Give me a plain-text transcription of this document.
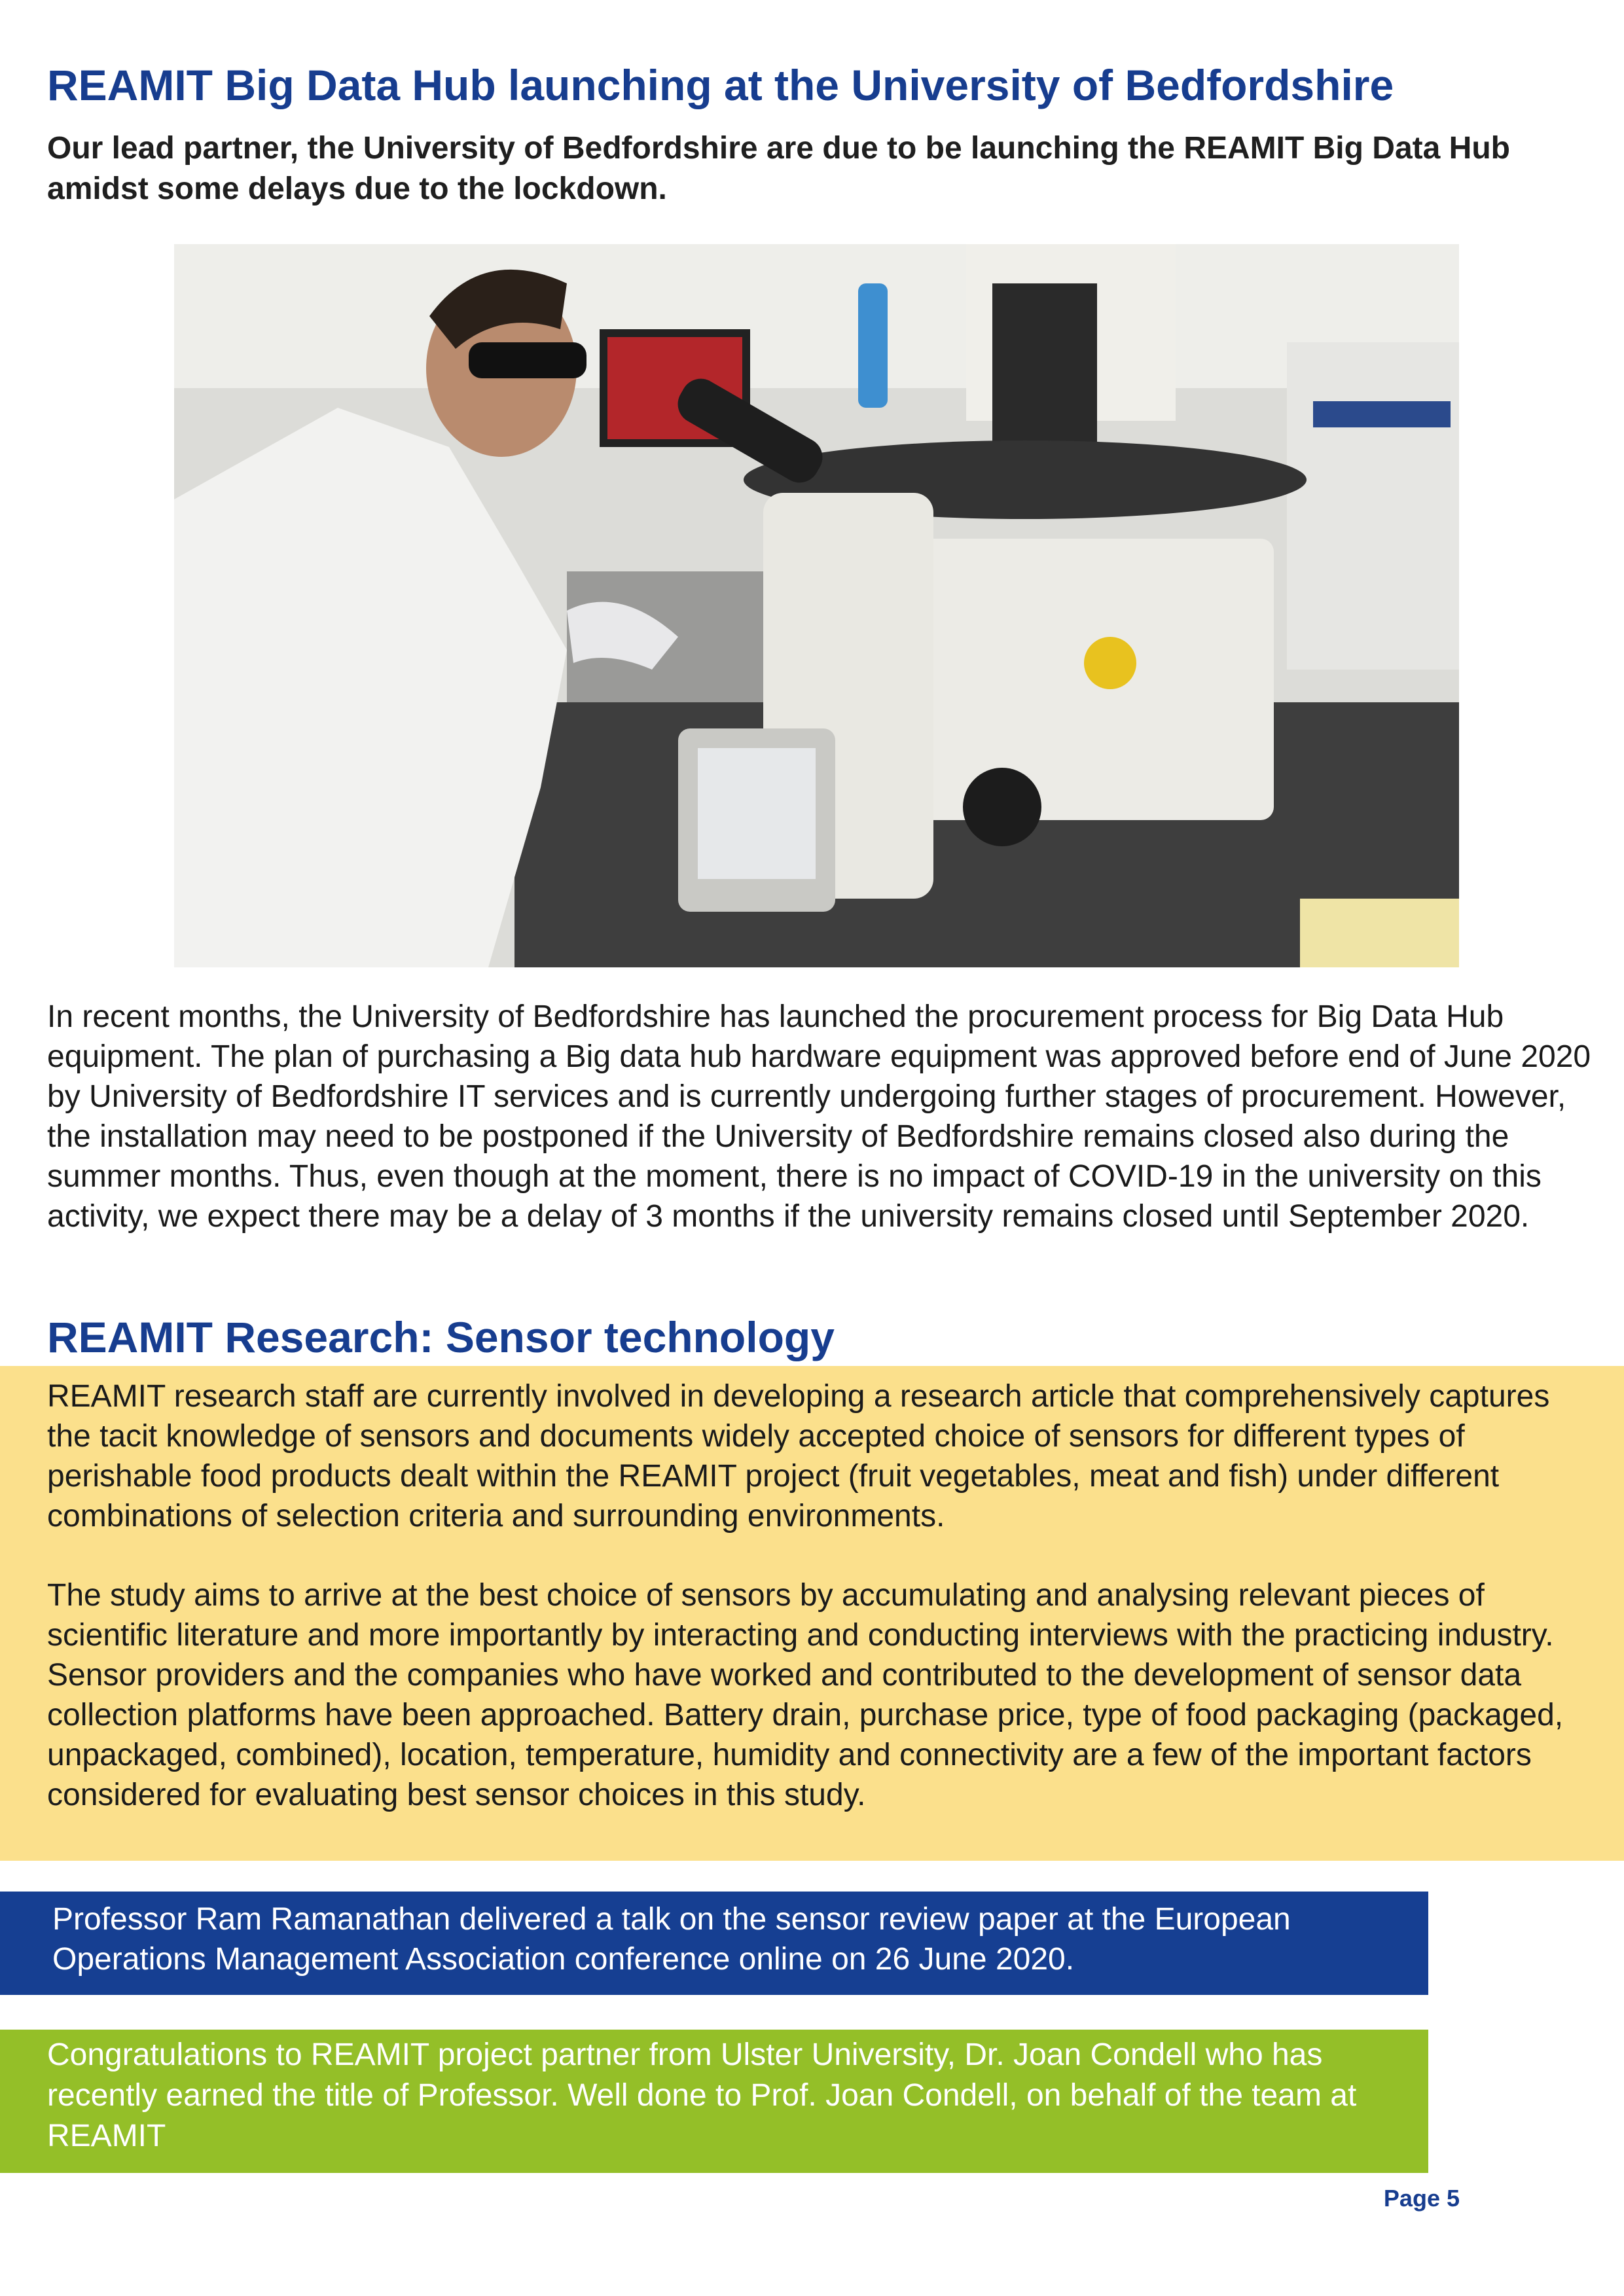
REAMIT Big Data Hub launching at the University of Bedfordshire
Our lead partner, the University of Bedfordshire are due to be launching the REAMIT Big Data Hub amidst some delays due to the lockdown.
In recent months, the University of Bedfordshire has launched the procurement process for Big Data Hub equipment. The plan of purchasing a Big data hub hardware equipment was approved before end of June 2020 by University of Bedfordshire IT services and is currently undergoing further stages of procurement. However, the installation may need to be postponed if the University of Bedfordshire remains closed also during the summer months. Thus, even though at the moment, there is no impact of COVID-19 in the university on this activity, we expect there may be a delay of 3 months if the university remains closed until September 2020.
REAMIT Research: Sensor technology
REAMIT research staff are currently involved in developing a research article that comprehensively captures the tacit knowledge of sensors and documents widely accepted choice of sensors for different types of perishable food products dealt within the REAMIT project (fruit vegetables, meat and fish) under different combinations of selection criteria and surrounding environments.
The study aims to arrive at the best choice of sensors by accumulating and analysing relevant pieces of scientific literature and more importantly by interacting and conducting interviews with the practicing industry. Sensor providers and the companies who have worked and contributed to the development of sensor data collection platforms have been approached. Battery drain, purchase price, type of food packaging (packaged, unpackaged, combined), location, temperature, humidity and connectivity are a few of the important factors considered for evaluating best sensor choices in this study.
Professor Ram Ramanathan delivered a talk on the sensor review paper at the European Operations Management Association conference online on 26 June 2020.
Congratulations to REAMIT project partner from Ulster University, Dr. Joan Condell who has recently earned the title of Professor. Well done to Prof. Joan Condell, on behalf of the team at REAMIT
Page 5
